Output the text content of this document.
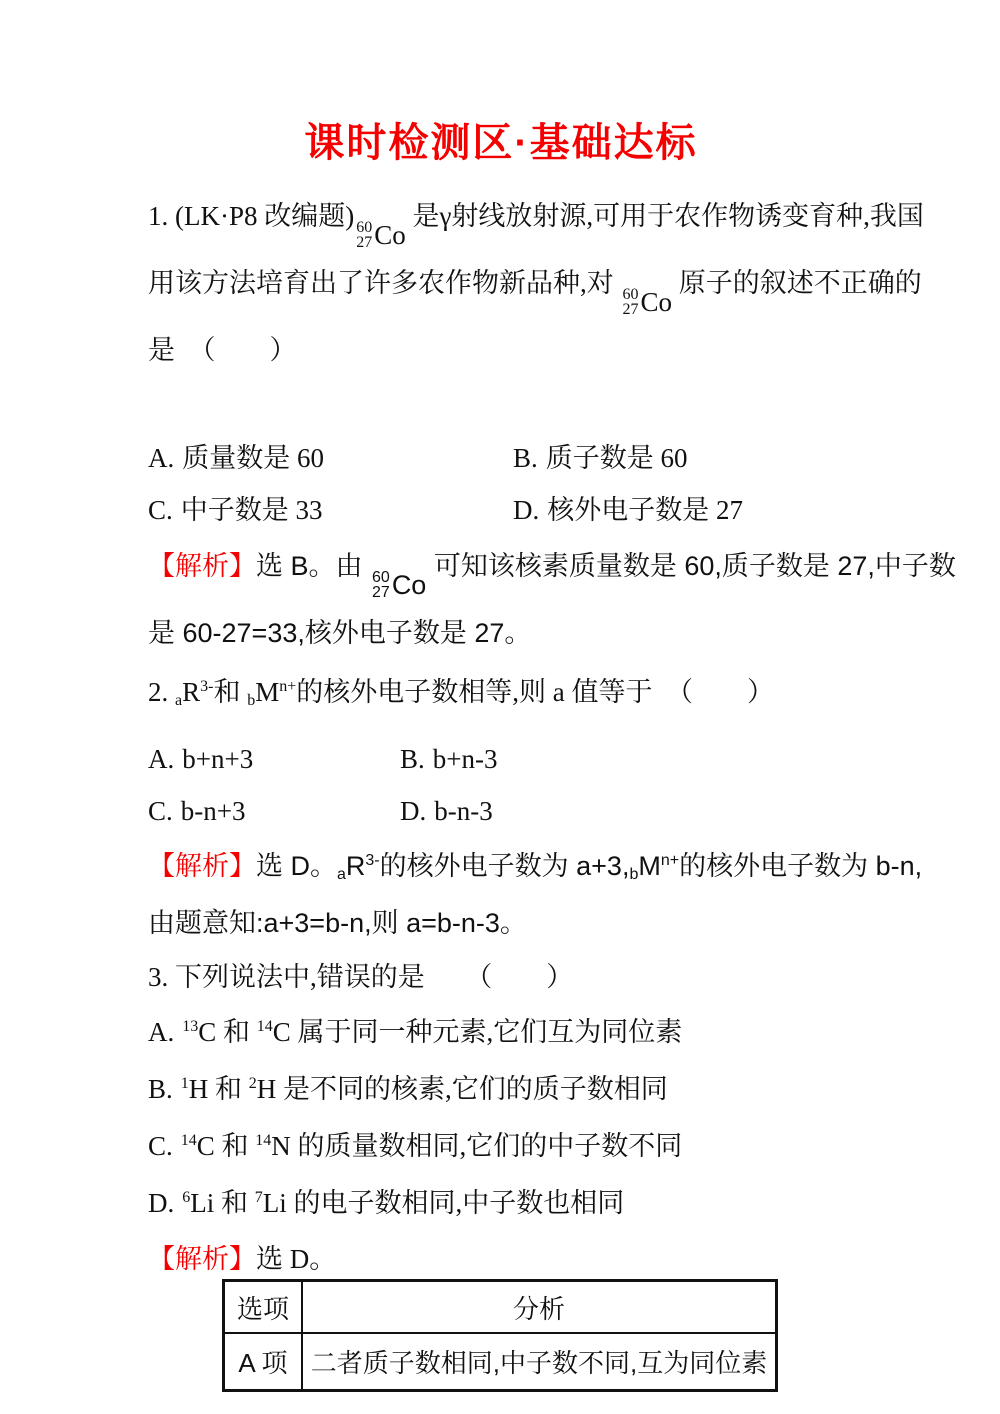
课时检测区·基础达标
1. (LK·P8 改编题) 60
27 Co
是γ射线放射源,可用于农作物诱变育种,我国
用该方法培育出了许多农作物新品种,对 60
27 Co
原子的叙述不正确的
是　（　　）
A. 质量数是 60	B. 质子数是 60
C. 中子数是 33	D. 核外电子数是 27
【解析】选 B。由 60
27 Co
可知该核素质量数是 60,质子数是 27,中子数
是 60-27=33,核外电子数是 27。
2. $aR^{3-}$和 $bM^{n+}$的核外电子数相等,则 a 值等于　（　　）
A. b+n+3	B. b+n-3
C. b-n+3	D. b-n-3
【解析】选 D。$aR^{3-}$的核外电子数为 $a+3,bM^{n+}$的核外电子数为 b-n,
由题意知:a+3=b-n,则 a=b-n-3。
3. 下列说法中,错误的是　　（　　）
A. $^{13}$C 和 $^{14}$C 属于同一种元素,它们互为同位素
B. $^1$H 和 $^2$H 是不同的核素,它们的质子数相同
C. $^{14}$C 和 $^{14}$N 的质量数相同,它们的中子数不同
D. $^6$Li 和 $^7$Li 的电子数相同,中子数也相同
【解析】选 D。
选项	分析
A 项	二者质子数相同,中子数不同,互为同位素
